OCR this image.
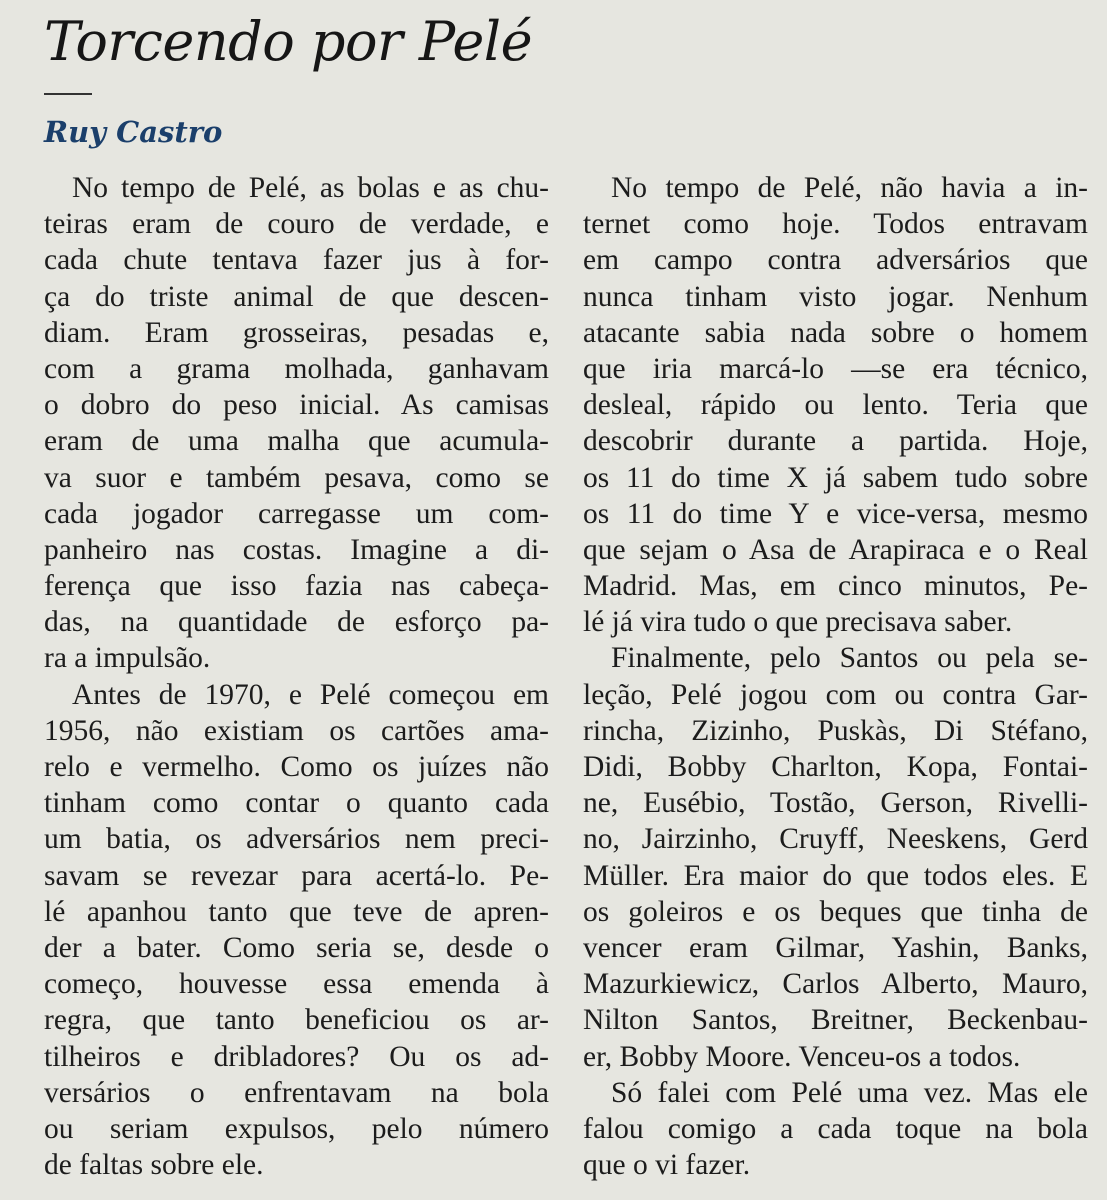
Torcendo por Pelé
Ruy Castro
No tempo de Pelé, as bolas e as chu-
teiras eram de couro de verdade, e
cada chute tentava fazer jus à for-
ça do triste animal de que descen-
diam. Eram grosseiras, pesadas e,
com a grama molhada, ganhavam
o dobro do peso inicial. As camisas
eram de uma malha que acumula-
va suor e também pesava, como se
cada jogador carregasse um com-
panheiro nas costas. Imagine a di-
ferença que isso fazia nas cabeça-
das, na quantidade de esforço pa-
ra a impulsão.
Antes de 1970, e Pelé começou em
1956, não existiam os cartões ama-
relo e vermelho. Como os juízes não
tinham como contar o quanto cada
um batia, os adversários nem preci-
savam se revezar para acertá-lo. Pe-
lé apanhou tanto que teve de apren-
der a bater. Como seria se, desde o
começo, houvesse essa emenda à
regra, que tanto beneficiou os ar-
tilheiros e dribladores? Ou os ad-
versários o enfrentavam na bola
ou seriam expulsos, pelo número
de faltas sobre ele.
No tempo de Pelé, não havia a in-
ternet como hoje. Todos entravam
em campo contra adversários que
nunca tinham visto jogar. Nenhum
atacante sabia nada sobre o homem
que iria marcá-lo —se era técnico,
desleal, rápido ou lento. Teria que
descobrir durante a partida. Hoje,
os 11 do time X já sabem tudo sobre
os 11 do time Y e vice-versa, mesmo
que sejam o Asa de Arapiraca e o Real
Madrid. Mas, em cinco minutos, Pe-
lé já vira tudo o que precisava saber.
Finalmente, pelo Santos ou pela se-
leção, Pelé jogou com ou contra Gar-
rincha, Zizinho, Puskàs, Di Stéfano,
Didi, Bobby Charlton, Kopa, Fontai-
ne, Eusébio, Tostão, Gerson, Rivelli-
no, Jairzinho, Cruyff, Neeskens, Gerd
Müller. Era maior do que todos eles. E
os goleiros e os beques que tinha de
vencer eram Gilmar, Yashin, Banks,
Mazurkiewicz, Carlos Alberto, Mauro,
Nilton Santos, Breitner, Beckenbau-
er, Bobby Moore. Venceu-os a todos.
Só falei com Pelé uma vez. Mas ele
falou comigo a cada toque na bola
que o vi fazer.
